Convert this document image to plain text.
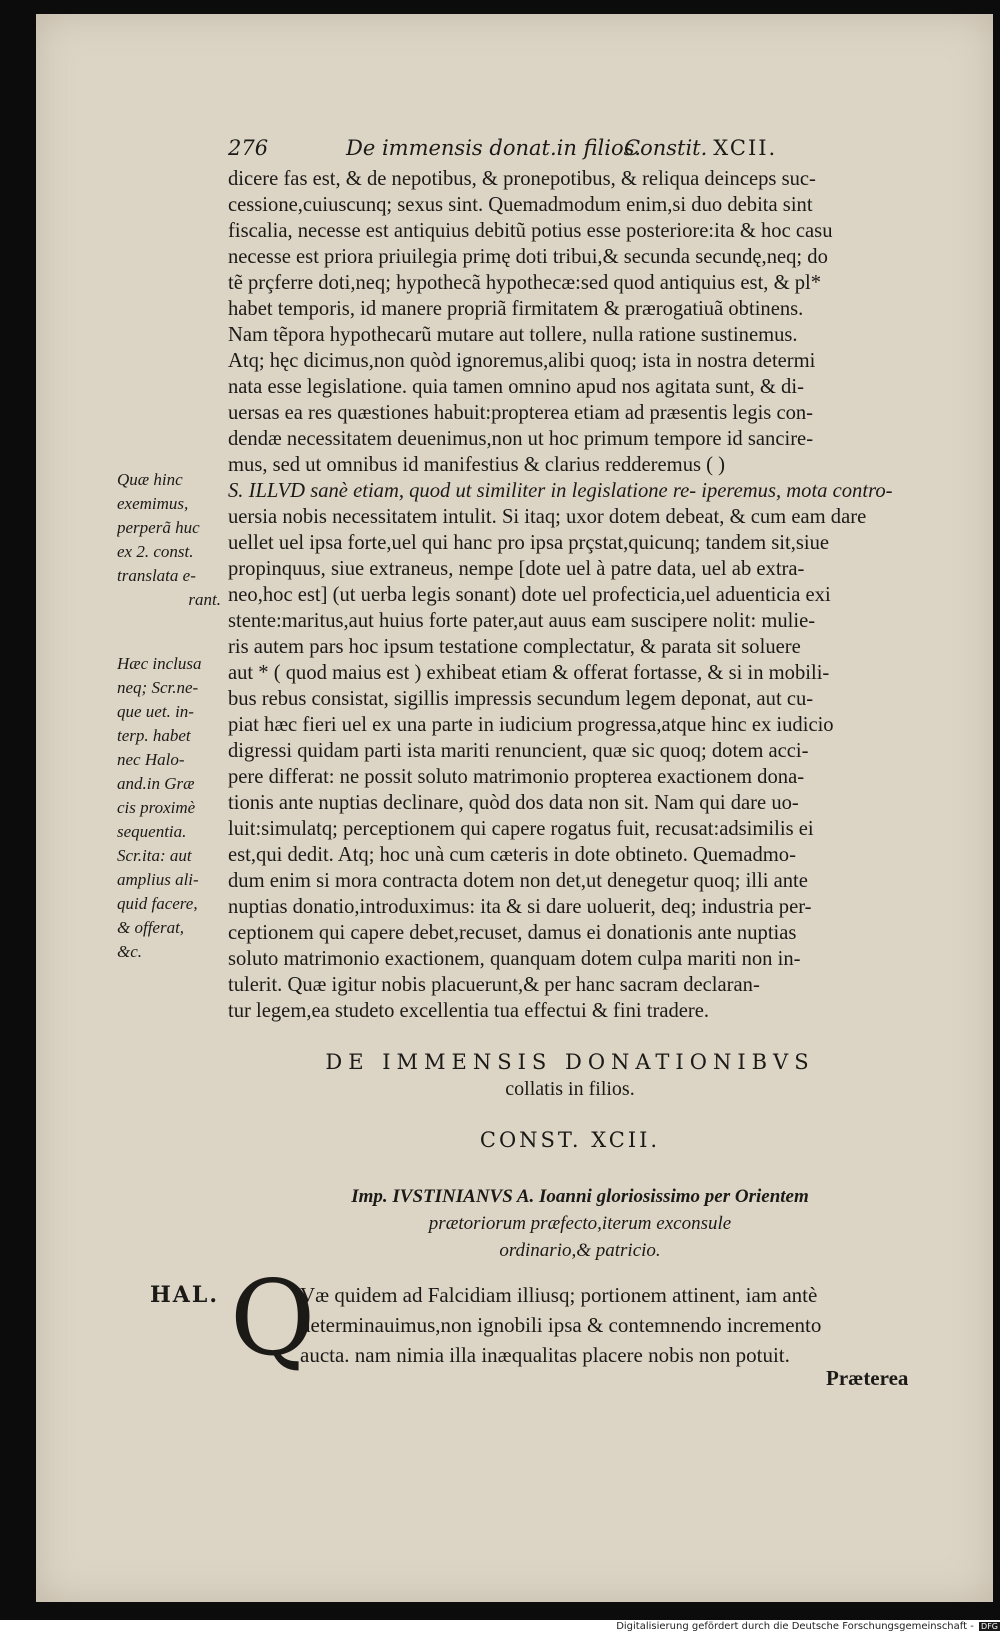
276	De immensis donat.in filios.
Constit. XCII.
dicere fas est, & de nepotibus, & pronepotibus, & reliqua deinceps suc-
cessione,cuiuscunq; sexus sint. Quemadmodum enim,si duo debita sint
fiscalia, necesse est antiquius debitũ potius esse posteriore:ita & hoc casu
necesse est priora priuilegia primę doti tribui,& secunda secundę,neq; do
tẽ prçferre doti,neq; hypothecã hypothecæ:sed quod antiquius est, & pl*
habet temporis, id manere propriã firmitatem & prærogatiuã obtinens.
Nam tẽpora hypothecarũ mutare aut tollere, nulla ratione sustinemus.
Atq; hęc dicimus,non quòd ignoremus,alibi quoq; ista in nostra determi
nata esse legislatione. quia tamen omnino apud nos agitata sunt, & di-
uersas ea res quæstiones habuit:propterea etiam ad præsentis legis con-
dendæ necessitatem deuenimus,non ut hoc primum tempore id sancire-
mus, sed ut omnibus id manifestius & clarius redderemus ( )
S. ILLVD sanè etiam, quod ut similiter in legislatione re- iperemus, mota contro-
uersia nobis necessitatem intulit. Si itaq; uxor dotem debeat, & cum eam dare
uellet uel ipsa forte,uel qui hanc pro ipsa prçstat,quicunq; tandem sit,siue
propinquus, siue extraneus, nempe [dote uel à patre data, uel ab extra-
neo,hoc est] (ut uerba legis sonant) dote uel profecticia,uel aduenticia exi
stente:maritus,aut huius forte pater,aut auus eam suscipere nolit: mulie-
ris autem pars hoc ipsum testatione complectatur, & parata sit soluere
aut * ( quod maius est ) exhibeat etiam & offerat fortasse, & si in mobili-
bus rebus consistat, sigillis impressis secundum legem deponat, aut cu-
piat hæc fieri uel ex una parte in iudicium progressa,atque hinc ex iudicio
digressi quidam parti ista mariti renuncient, quæ sic quoq; dotem acci-
pere differat: ne possit soluto matrimonio propterea exactionem dona-
tionis ante nuptias declinare, quòd dos data non sit. Nam qui dare uo-
luit:simulatq; perceptionem qui capere rogatus fuit, recusat:adsimilis ei
est,qui dedit. Atq; hoc unà cum cæteris in dote obtineto. Quemadmo-
dum enim si mora contracta dotem non det,ut denegetur quoq; illi ante
nuptias donatio,introduximus: ita & si dare uoluerit, deq; industria per-
ceptionem qui capere debet,recuset, damus ei donationis ante nuptias
soluto matrimonio exactionem, quanquam dotem culpa mariti non in-
tulerit. Quæ igitur nobis placuerunt,& per hanc sacram declaran-
tur legem,ea studeto excellentia tua effectui & fini tradere.
Quæ hinc
exemimus,
perperã huc
ex 2. const.
translata e-
rant.
Hæc inclusa
neq; Scr.ne-
que uet. in-
terp. habet
nec Halo-
and.in Græ
cis proximè
sequentia.
Scr.ita: aut
amplius ali-
quid facere,
& offerat,
&c.
DE IMMENSIS DONATIONIBVS
collatis in filios.
CONST. XCII.
Imp. IVSTINIANVS A. Ioanni gloriosissimo per Orientem
prætoriorum præfecto,iterum exconsule
ordinario,& patricio.
HAL. Q
Væ quidem ad Falcidiam illiusq; portionem attinent, iam antè
determinauimus,non ignobili ipsa & contemnendo incremento
aucta. nam nimia illa inæqualitas placere nobis non potuit.
Præterea
Digitalisierung gefördert durch die Deutsche Forschungsgemeinschaft - DFG
